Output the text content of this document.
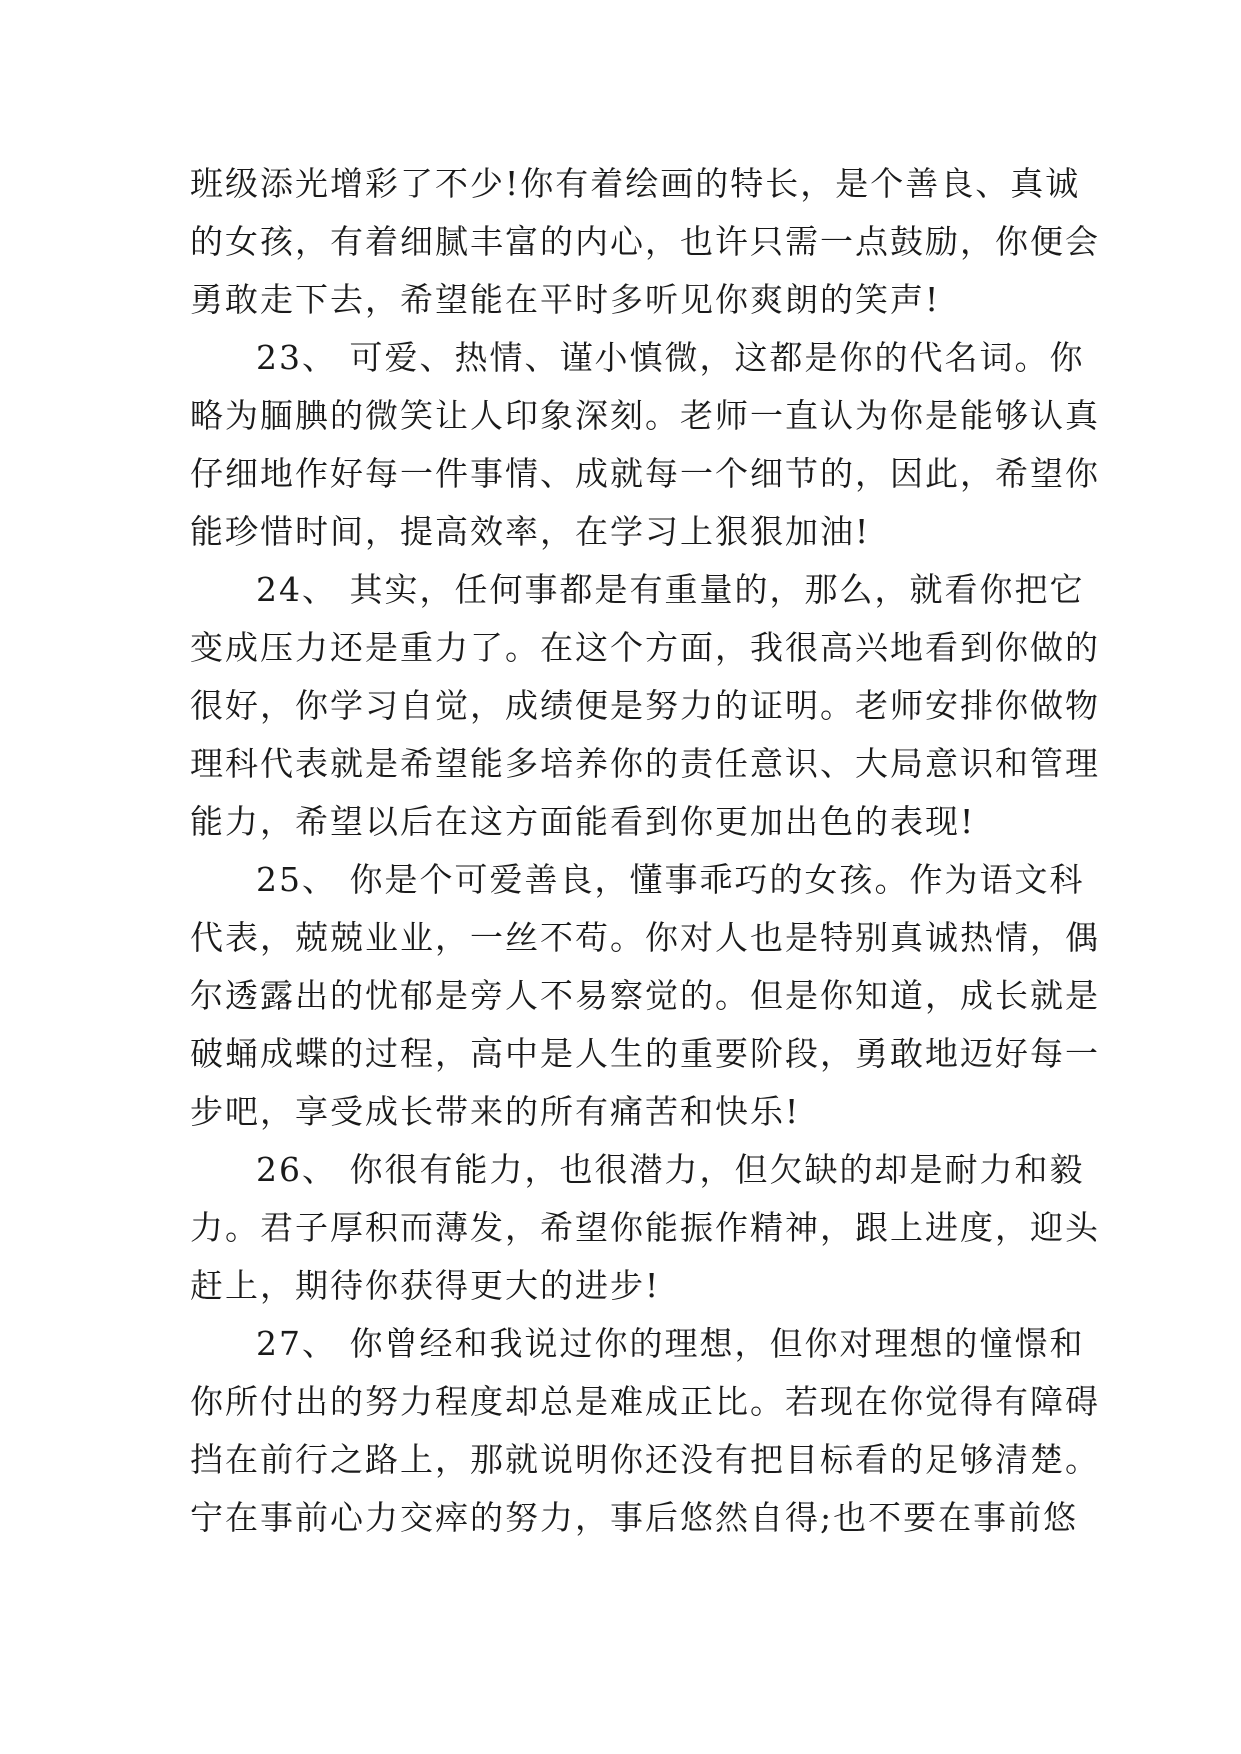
班级添光增彩了不少!你有着绘画的特长，是个善良、真诚
的女孩，有着细腻丰富的内心，也许只需一点鼓励，你便会
勇敢走下去，希望能在平时多听见你爽朗的笑声!
23、 可爱、热情、谨小慎微，这都是你的代名词。你
略为腼腆的微笑让人印象深刻。老师一直认为你是能够认真
仔细地作好每一件事情、成就每一个细节的，因此，希望你
能珍惜时间，提高效率，在学习上狠狠加油!
24、 其实，任何事都是有重量的，那么，就看你把它
变成压力还是重力了。在这个方面，我很高兴地看到你做的
很好，你学习自觉，成绩便是努力的证明。老师安排你做物
理科代表就是希望能多培养你的责任意识、大局意识和管理
能力，希望以后在这方面能看到你更加出色的表现!
25、 你是个可爱善良，懂事乖巧的女孩。作为语文科
代表，兢兢业业，一丝不苟。你对人也是特别真诚热情，偶
尔透露出的忧郁是旁人不易察觉的。但是你知道，成长就是
破蛹成蝶的过程，高中是人生的重要阶段，勇敢地迈好每一
步吧，享受成长带来的所有痛苦和快乐!
26、 你很有能力，也很潜力，但欠缺的却是耐力和毅
力。君子厚积而薄发，希望你能振作精神，跟上进度，迎头
赶上，期待你获得更大的进步!
27、 你曾经和我说过你的理想，但你对理想的憧憬和
你所付出的努力程度却总是难成正比。若现在你觉得有障碍
挡在前行之路上，那就说明你还没有把目标看的足够清楚。
宁在事前心力交瘁的努力，事后悠然自得;也不要在事前悠
